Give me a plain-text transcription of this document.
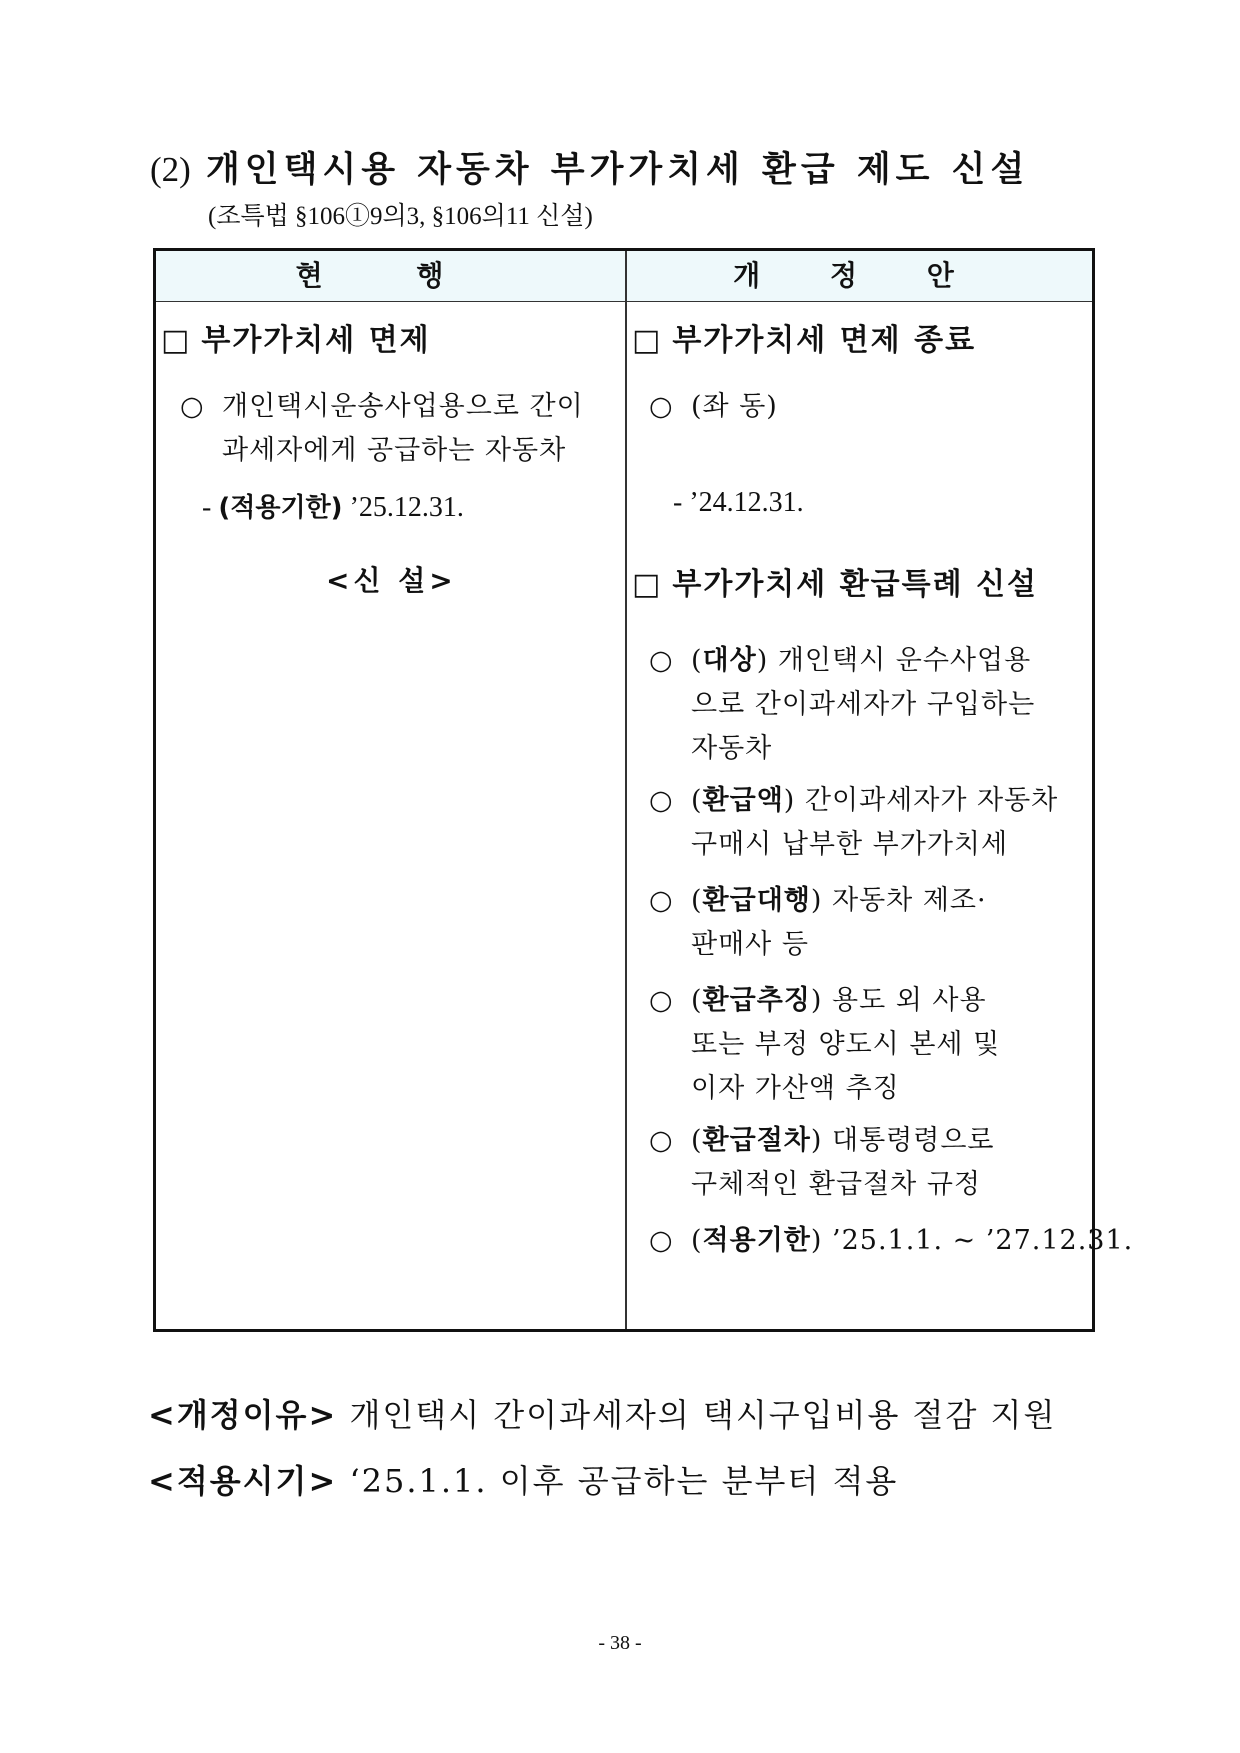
(2) 개인택시용 자동차 부가가치세 환급 제도 신설
(조특법 §106①9의3, §106의11 신설)
현 행	개 정 안
□ 부가가치세 면제
○ 개인택시운송사업용으로 간이
과세자에게 공급하는 자동차
- (적용기한) ’25.12.31.
<신 설>
□ 부가가치세 면제 종료
○ (좌 동)
- ’24.12.31.
□ 부가가치세 환급특례 신설
○ (대상) 개인택시 운수사업용
으로 간이과세자가 구입하는
자동차
○ (환급액) 간이과세자가 자동차
구매시 납부한 부가가치세
○ (환급대행) 자동차 제조·
판매사 등
○ (환급추징) 용도 외 사용
또는 부정 양도시 본세 및
이자 가산액 추징
○ (환급절차) 대통령령으로
구체적인 환급절차 규정
○ (적용기한) ’25.1.1. ~ ’27.12.31.
<개정이유> 개인택시 간이과세자의 택시구입비용 절감 지원
<적용시기> ‘25.1.1. 이후 공급하는 분부터 적용
- 38 -
